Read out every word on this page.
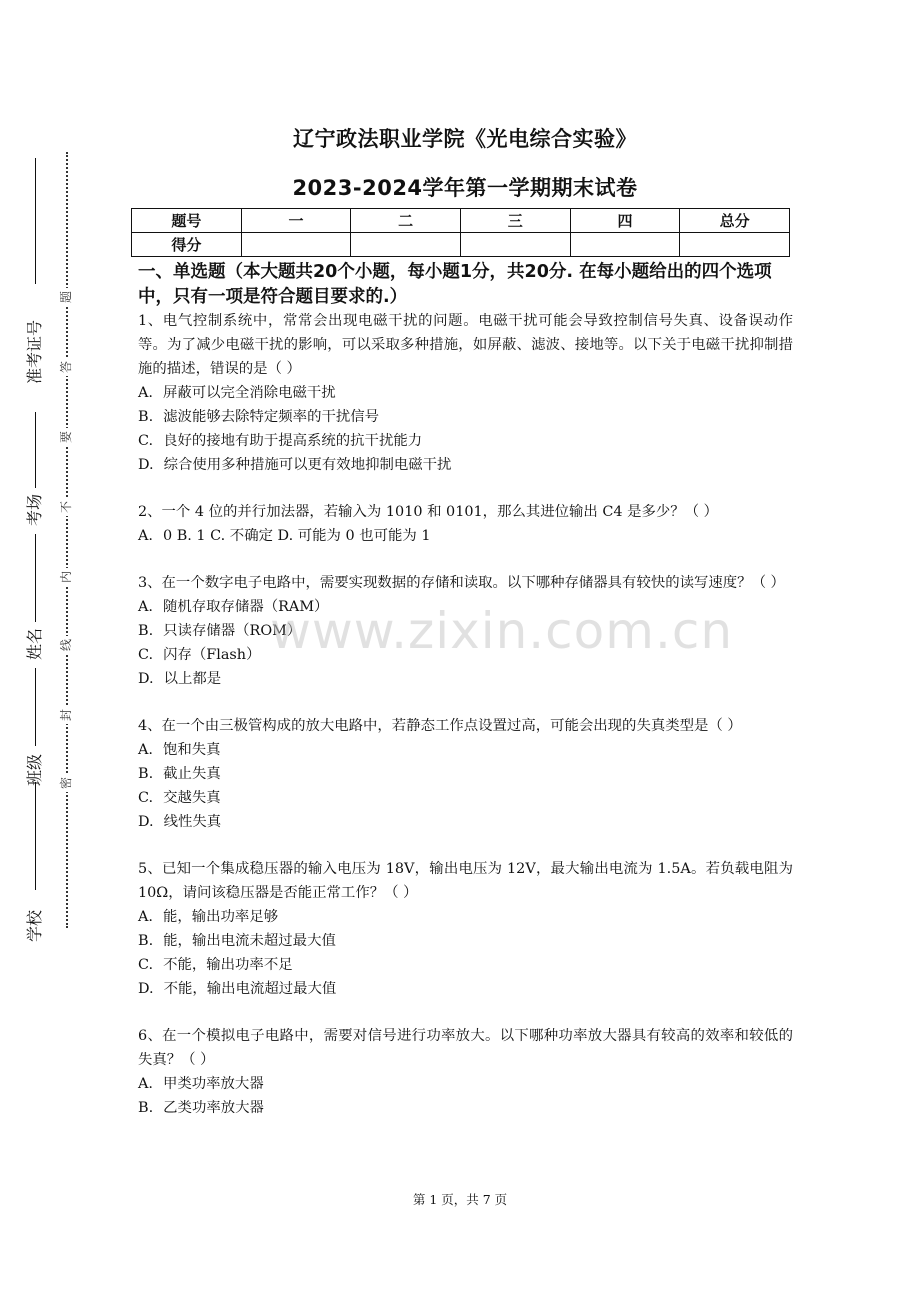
准考证号
考场
姓名
班级
学校
题
答
要
不
内
线
封
密
辽宁政法职业学院《光电综合实验》
2023-2024学年第一学期期末试卷
题号	一	二	三	四	总分
得分					
一、单选题（本大题共20个小题，每小题1分，共20分. 在每小题给出的四个选项中，只有一项是符合题目要求的.）
1、电气控制系统中，常常会出现电磁干扰的问题。电磁干扰可能会导致控制信号失真、设备误动作等。为了减少电磁干扰的影响，可以采取多种措施，如屏蔽、滤波、接地等。以下关于电磁干扰抑制措施的描述，错误的是（ ）
A. 屏蔽可以完全消除电磁干扰
B. 滤波能够去除特定频率的干扰信号
C. 良好的接地有助于提高系统的抗干扰能力
D. 综合使用多种措施可以更有效地抑制电磁干扰
2、一个 4 位的并行加法器，若输入为 1010 和 0101，那么其进位输出 C4 是多少？（ ）
A. 0 B. 1 C. 不确定 D. 可能为 0 也可能为 1
3、在一个数字电子电路中，需要实现数据的存储和读取。以下哪种存储器具有较快的读写速度？（ ）
A. 随机存取存储器（RAM）
B. 只读存储器（ROM）
C. 闪存（Flash）
D. 以上都是
4、在一个由三极管构成的放大电路中，若静态工作点设置过高，可能会出现的失真类型是（ ）
A. 饱和失真
B. 截止失真
C. 交越失真
D. 线性失真
5、已知一个集成稳压器的输入电压为 18V，输出电压为 12V，最大输出电流为 1.5A。若负载电阻为 10Ω，请问该稳压器是否能正常工作？（ ）
A. 能，输出功率足够
B. 能，输出电流未超过最大值
C. 不能，输出功率不足
D. 不能，输出电流超过最大值
6、在一个模拟电子电路中，需要对信号进行功率放大。以下哪种功率放大器具有较高的效率和较低的失真？（ ）
A. 甲类功率放大器
B. 乙类功率放大器
www.zixin.com.cn
第 1 页，共 7 页
